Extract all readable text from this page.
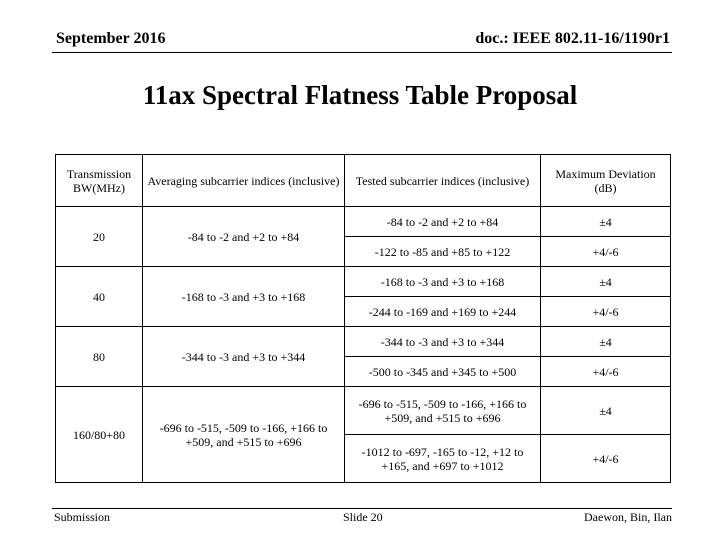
September 2016	doc.: IEEE 802.11-16/1190r1
11ax Spectral Flatness Table Proposal
Transmission BW(MHz)	Averaging subcarrier indices (inclusive)	Tested subcarrier indices (inclusive)	Maximum Deviation (dB)
20	-84 to -2 and +2 to +84	-84 to -2 and +2 to +84	±4
		-122 to -85 and +85 to +122	+4/-6
40	-168 to -3 and +3 to +168	-168 to -3 and +3 to +168	±4
		-244 to -169 and +169 to +244	+4/-6
80	-344 to -3 and +3 to +344	-344 to -3 and +3 to +344	±4
		-500 to -345 and +345 to +500	+4/-6
160/80+80	-696 to -515, -509 to -166, +166 to +509, and +515 to +696	-696 to -515, -509 to -166, +166 to +509, and +515 to +696	±4
		-1012 to -697, -165 to -12, +12 to +165, and +697 to +1012	+4/-6
Submission	Slide 20	Daewon, Bin, Ilan
